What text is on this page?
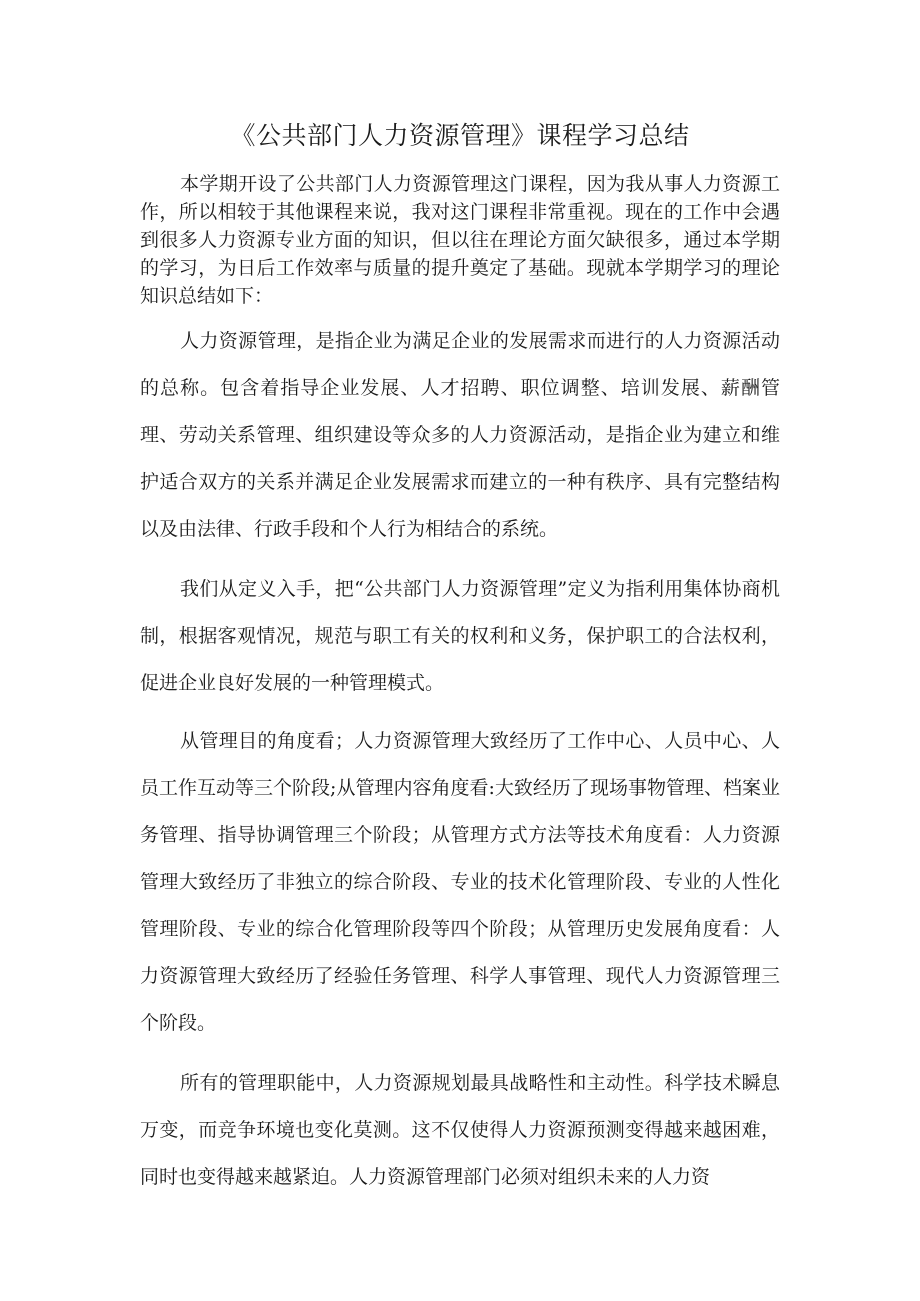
《公共部门人力资源管理》课程学习总结

本学期开设了公共部门人力资源管理这门课程，因为我从事人力资源工作，所以相较于其他课程来说，我对这门课程非常重视。现在的工作中会遇到很多人力资源专业方面的知识，但以往在理论方面欠缺很多，通过本学期的学习，为日后工作效率与质量的提升奠定了基础。现就本学期学习的理论知识总结如下：

人力资源管理，是指企业为满足企业的发展需求而进行的人力资源活动的总称。包含着指导企业发展、人才招聘、职位调整、培训发展、薪酬管理、劳动关系管理、组织建设等众多的人力资源活动，是指企业为建立和维护适合双方的关系并满足企业发展需求而建立的一种有秩序、具有完整结构以及由法律、行政手段和个人行为相结合的系统。

我们从定义入手，把“公共部门人力资源管理”定义为指利用集体协商机制，根据客观情况，规范与职工有关的权利和义务，保护职工的合法权利，促进企业良好发展的一种管理模式。

从管理目的角度看；人力资源管理大致经历了工作中心、人员中心、人员工作互动等三个阶段;从管理内容角度看:大致经历了现场事物管理、档案业务管理、指导协调管理三个阶段；从管理方式方法等技术角度看：人力资源管理大致经历了非独立的综合阶段、专业的技术化管理阶段、专业的人性化管理阶段、专业的综合化管理阶段等四个阶段；从管理历史发展角度看：人力资源管理大致经历了经验任务管理、科学人事管理、现代人力资源管理三个阶段。

所有的管理职能中，人力资源规划最具战略性和主动性。科学技术瞬息万变，而竞争环境也变化莫测。这不仅使得人力资源预测变得越来越困难，同时也变得越来越紧迫。人力资源管理部门必须对组织未来的人力资
